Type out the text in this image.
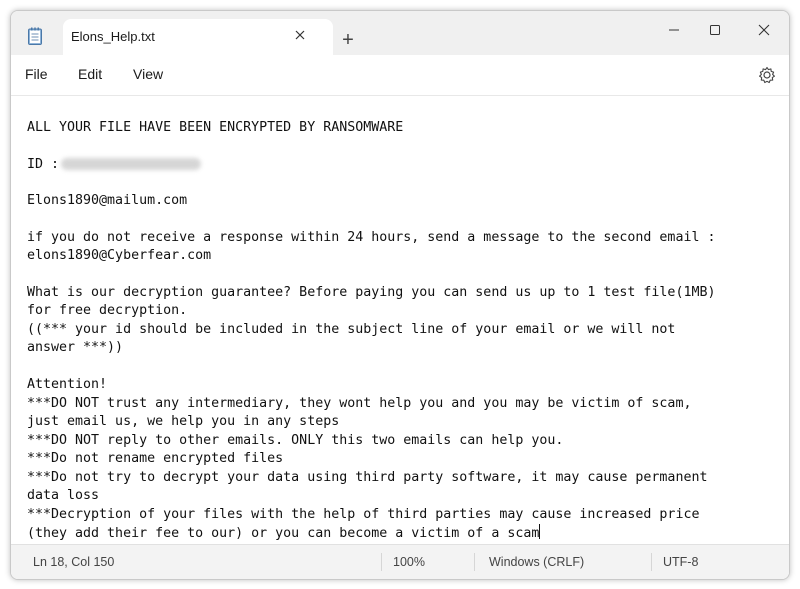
Elons_Help.txt	+
File Edit View
ALL YOUR FILE HAVE BEEN ENCRYPTED BY RANSOMWARE
ID :
Elons1890@mailum.com
if you do not receive a response within 24 hours, send a message to the second email :
elons1890@Cyberfear.com
What is our decryption guarantee? Before paying you can send us up to 1 test file(1MB)
for free decryption.
((*** your id should be included in the subject line of your email or we will not
answer ***))
Attention!
***DO NOT trust any intermediary, they wont help you and you may be victim of scam,
just email us, we help you in any steps
***DO NOT reply to other emails. ONLY this two emails can help you.
***Do not rename encrypted files
***Do not try to decrypt your data using third party software, it may cause permanent
data loss
***Decryption of your files with the help of third parties may cause increased price
(they add their fee to our) or you can become a victim of a scam
Ln 18, Col 150	100%	Windows (CRLF)	UTF-8
